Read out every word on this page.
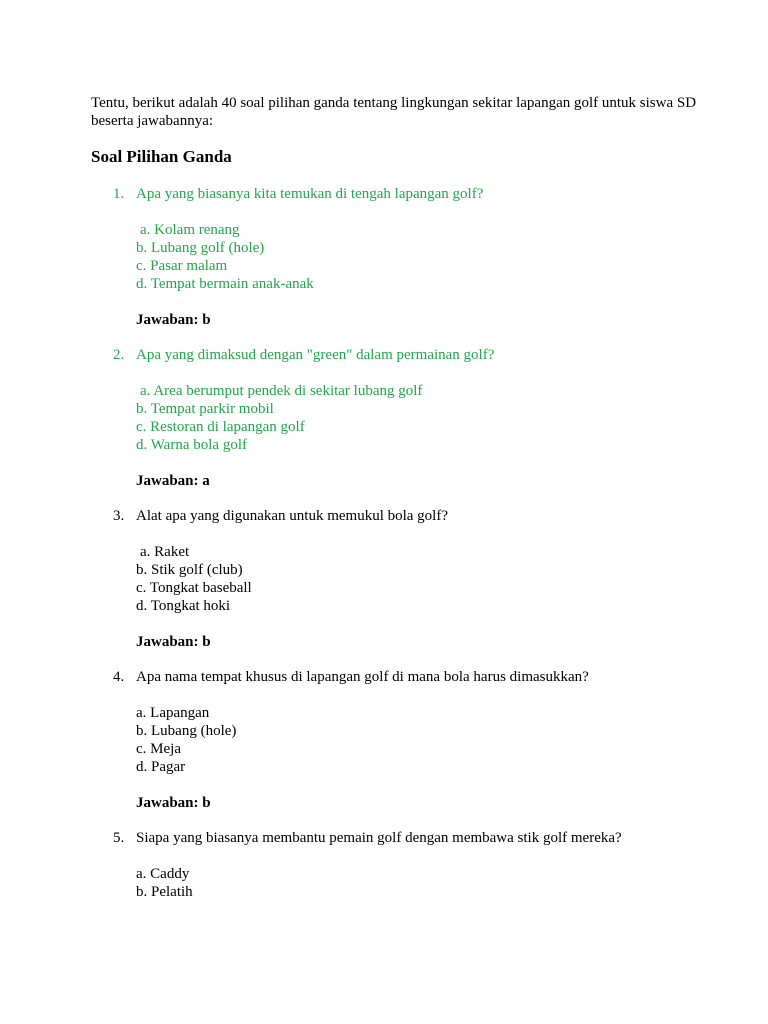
Tentu, berikut adalah 40 soal pilihan ganda tentang lingkungan sekitar lapangan golf untuk siswa SD beserta jawabannya:

Soal Pilihan Ganda
1. Apa yang biasanya kita temukan di tengah lapangan golf?
a. Kolam renang
b. Lubang golf (hole)
c. Pasar malam
d. Tempat bermain anak-anak
Jawaban: b
2. Apa yang dimaksud dengan "green" dalam permainan golf?
a. Area berumput pendek di sekitar lubang golf
b. Tempat parkir mobil
c. Restoran di lapangan golf
d. Warna bola golf
Jawaban: a
3. Alat apa yang digunakan untuk memukul bola golf?
a. Raket
b. Stik golf (club)
c. Tongkat baseball
d. Tongkat hoki
Jawaban: b
4. Apa nama tempat khusus di lapangan golf di mana bola harus dimasukkan?
a. Lapangan
b. Lubang (hole)
c. Meja
d. Pagar
Jawaban: b
5. Siapa yang biasanya membantu pemain golf dengan membawa stik golf mereka?
a. Caddy
b. Pelatih
